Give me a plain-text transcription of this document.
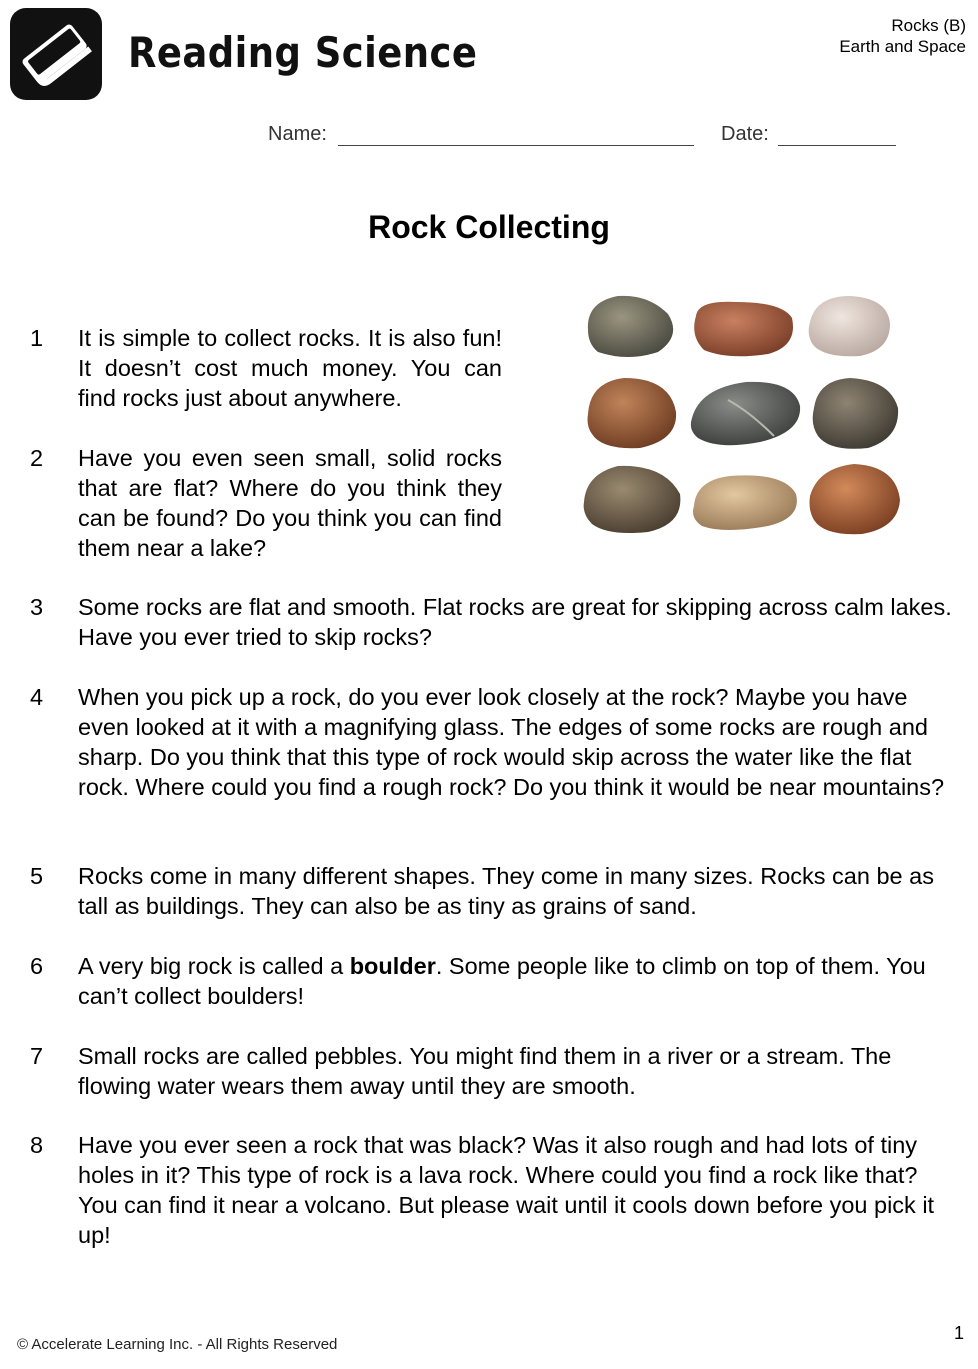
Reading Science
Rocks (B)
Earth and Space
Name:	Date:
Rock Collecting
1 It is simple to collect rocks. It is also fun! It doesn’t cost much money. You can find rocks just about anywhere.
2 Have you even seen small, solid rocks that are flat? Where do you think they can be found? Do you think you can find them near a lake?
3 Some rocks are flat and smooth. Flat rocks are great for skipping across calm lakes. Have you ever tried to skip rocks?
4 When you pick up a rock, do you ever look closely at the rock? Maybe you have even looked at it with a magnifying glass. The edges of some rocks are rough and sharp. Do you think that this type of rock would skip across the water like the flat rock. Where could you find a rough rock? Do you think it would be near mountains?
5 Rocks come in many different shapes. They come in many sizes. Rocks can be as tall as buildings. They can also be as tiny as grains of sand.
6 A very big rock is called a boulder. Some people like to climb on top of them. You can’t collect boulders!
7 Small rocks are called pebbles. You might find them in a river or a stream. The flowing water wears them away until they are smooth.
8 Have you ever seen a rock that was black? Was it also rough and had lots of tiny holes in it? This type of rock is a lava rock. Where could you find a rock like that? You can find it near a volcano. But please wait until it cools down before you pick it up!
© Accelerate Learning Inc. - All Rights Reserved
1
